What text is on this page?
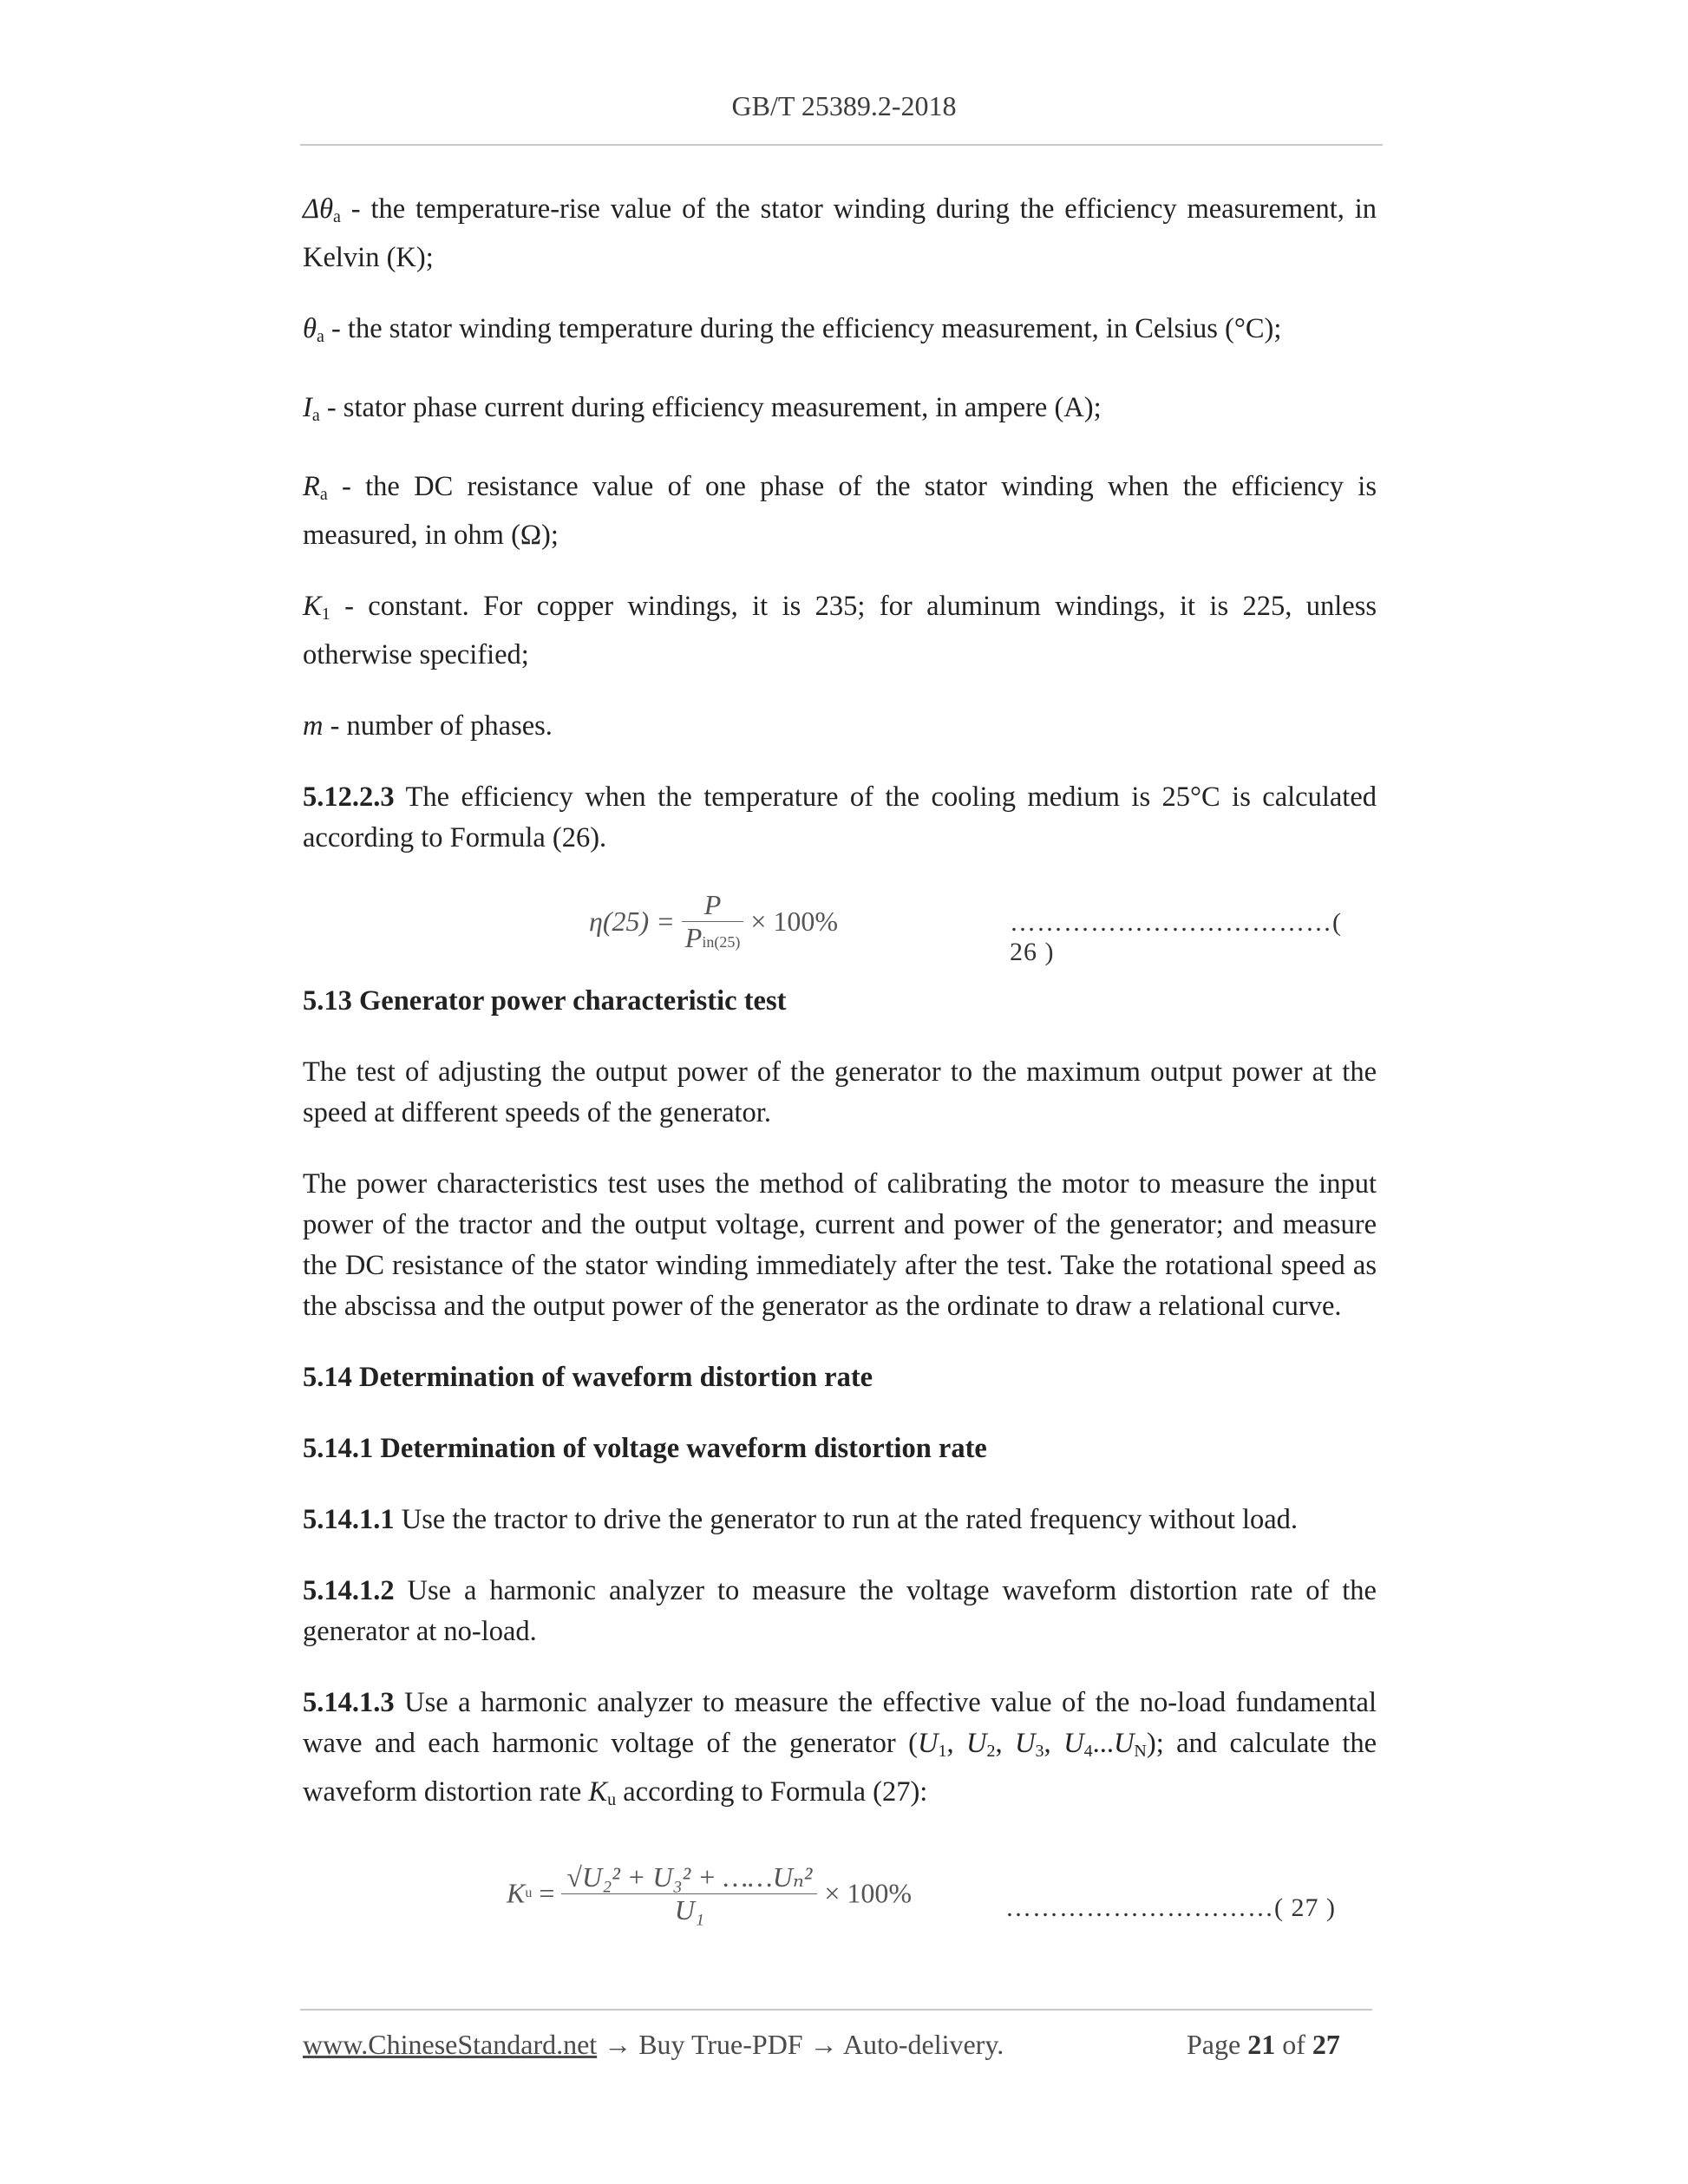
GB/T 25389.2-2018

$\Delta\theta_a$ - the temperature-rise value of the stator winding during the efficiency measurement, in Kelvin (K);

$\theta_a$ - the stator winding temperature during the efficiency measurement, in Celsius (°C);

$I_a$ - stator phase current during efficiency measurement, in ampere (A);

$R_a$ - the DC resistance value of one phase of the stator winding when the efficiency is measured, in ohm (Ω);

$K_1$ - constant. For copper windings, it is 235; for aluminum windings, it is 225, unless otherwise specified;

m - number of phases.

5.12.2.3 The efficiency when the temperature of the cooling medium is 25°C is calculated according to Formula (26).

$\eta(25) = \frac{P}{\text{Pin(25)}} \times 100\%$	………………………………( 26 )

5.13 Generator power characteristic test

The test of adjusting the output power of the generator to the maximum output power at the speed at different speeds of the generator.

The power characteristics test uses the method of calibrating the motor to measure the input power of the tractor and the output voltage, current and power of the generator; and measure the DC resistance of the stator winding immediately after the test. Take the rotational speed as the abscissa and the output power of the generator as the ordinate to draw a relational curve.

5.14 Determination of waveform distortion rate

5.14.1 Determination of voltage waveform distortion rate

5.14.1.1 Use the tractor to drive the generator to run at the rated frequency without load.

5.14.1.2 Use a harmonic analyzer to measure the voltage waveform distortion rate of the generator at no-load.

5.14.1.3 Use a harmonic analyzer to measure the effective value of the no-load fundamental wave and each harmonic voltage of the generator ($U_1$, $U_2$, $U_3$, $U_4...U_N$); and calculate the waveform distortion rate $K_u$ according to Formula (27):

$Ku = \frac{\text{√U₂² + U₃² + ……Uₙ²}}{\text{U₁}} \times 100\%$	…………………………( 27 )
www.ChineseStandard.net → Buy True-PDF → Auto-delivery.	Page 21 of 27
